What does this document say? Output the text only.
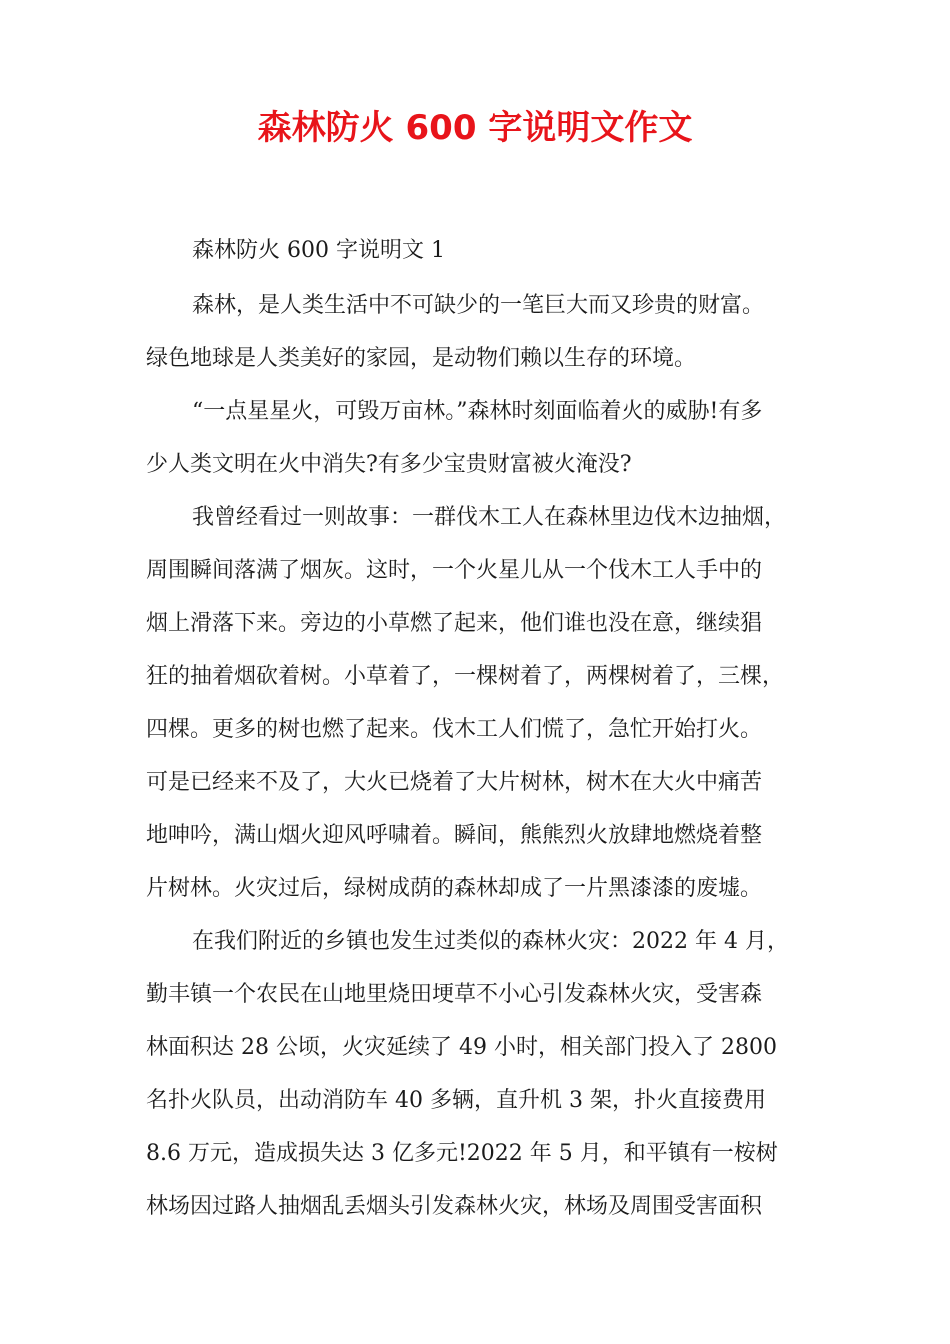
森林防火 600 字说明文作文
森林防火 600 字说明文 1
森林，是人类生活中不可缺少的一笔巨大而又珍贵的财富。
绿色地球是人类美好的家园，是动物们赖以生存的环境。
“一点星星火，可毁万亩林。”森林时刻面临着火的威胁!有多
少人类文明在火中消失?有多少宝贵财富被火淹没?
我曾经看过一则故事：一群伐木工人在森林里边伐木边抽烟，
周围瞬间落满了烟灰。这时，一个火星儿从一个伐木工人手中的
烟上滑落下来。旁边的小草燃了起来，他们谁也没在意，继续猖
狂的抽着烟砍着树。小草着了，一棵树着了，两棵树着了，三棵，
四棵。更多的树也燃了起来。伐木工人们慌了，急忙开始打火。
可是已经来不及了，大火已烧着了大片树林，树木在大火中痛苦
地呻吟，满山烟火迎风呼啸着。瞬间，熊熊烈火放肆地燃烧着整
片树林。火灾过后，绿树成荫的森林却成了一片黑漆漆的废墟。
在我们附近的乡镇也发生过类似的森林火灾：2022 年 4 月，
勤丰镇一个农民在山地里烧田埂草不小心引发森林火灾，受害森
林面积达 28 公顷，火灾延续了 49 小时，相关部门投入了 2800
名扑火队员，出动消防车 40 多辆，直升机 3 架，扑火直接费用
8.6 万元，造成损失达 3 亿多元!2022 年 5 月，和平镇有一桉树
林场因过路人抽烟乱丢烟头引发森林火灾，林场及周围受害面积
